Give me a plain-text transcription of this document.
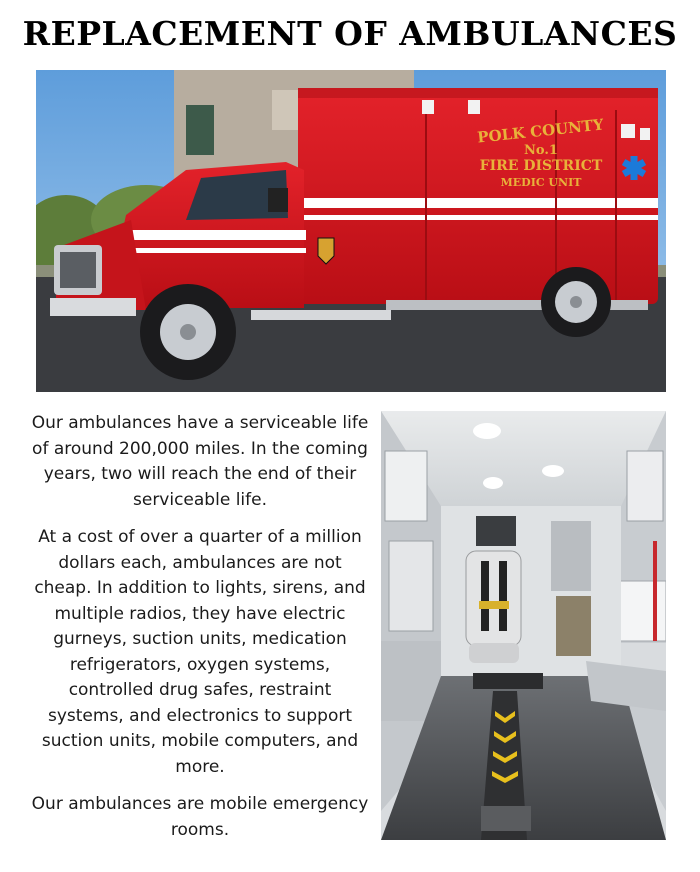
REPLACEMENT OF AMBULANCES
POLK COUNTY
No.1
FIRE DISTRICT
MEDIC UNIT

Our ambulances have a serviceable life of around 200,000 miles. In the coming years, two will reach the end of their serviceable life.

At a cost of over a quarter of a million dollars each, ambulances are not cheap. In addition to lights, sirens, and multiple radios, they have electric gurneys, suction units, medication refrigerators, oxygen systems, controlled drug safes, restraint systems, and electronics to support suction units, mobile computers, and more.

Our ambulances are mobile emergency rooms.
